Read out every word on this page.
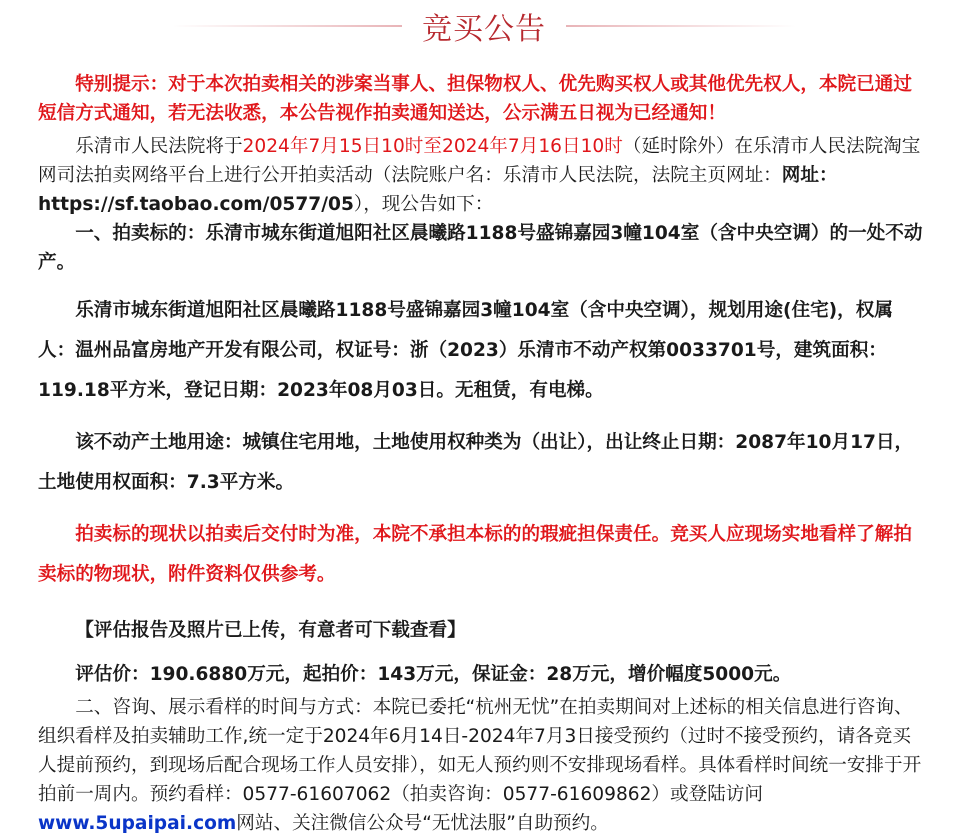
竞买公告

特别提示：对于本次拍卖相关的涉案当事人、担保物权人、优先购买权人或其他优先权人，本院已通过短信方式通知，若无法收悉，本公告视作拍卖通知送达，公示满五日视为已经通知！

乐清市人民法院将于2024年7月15日10时至2024年7月16日10时（延时除外）在乐清市人民法院淘宝网司法拍卖网络平台上进行公开拍卖活动（法院账户名：乐清市人民法院，法院主页网址：网址：https://sf.taobao.com/0577/05），现公告如下：

一、拍卖标的：乐清市城东街道旭阳社区晨曦路1188号盛锦嘉园3幢104室（含中央空调）的一处不动产。

乐清市城东街道旭阳社区晨曦路1188号盛锦嘉园3幢104室（含中央空调），规划用途(住宅)，权属人：温州品富房地产开发有限公司，权证号：浙（2023）乐清市不动产权第0033701号，建筑面积：119.18平方米，登记日期：2023年08月03日。无租赁，有电梯。

该不动产土地用途：城镇住宅用地，土地使用权种类为（出让），出让终止日期：2087年10月17日，土地使用权面积：7.3平方米。

拍卖标的现状以拍卖后交付时为准，本院不承担本标的的瑕疵担保责任。竞买人应现场实地看样了解拍卖标的物现状，附件资料仅供参考。

【评估报告及照片已上传，有意者可下载查看】

评估价：190.6880万元，起拍价：143万元，保证金：28万元，增价幅度5000元。

二、咨询、展示看样的时间与方式：本院已委托“杭州无忧”在拍卖期间对上述标的相关信息进行咨询、组织看样及拍卖辅助工作,统一定于2024年6月14日-2024年7月3日接受预约（过时不接受预约，请各竞买人提前预约，到现场后配合现场工作人员安排），如无人预约则不安排现场看样。具体看样时间统一安排于开拍前一周内。预约看样：0577-61607062（拍卖咨询：0577-61609862）或登陆访问www.5upaipai.com网站、关注微信公众号“无忧法服”自助预约。
